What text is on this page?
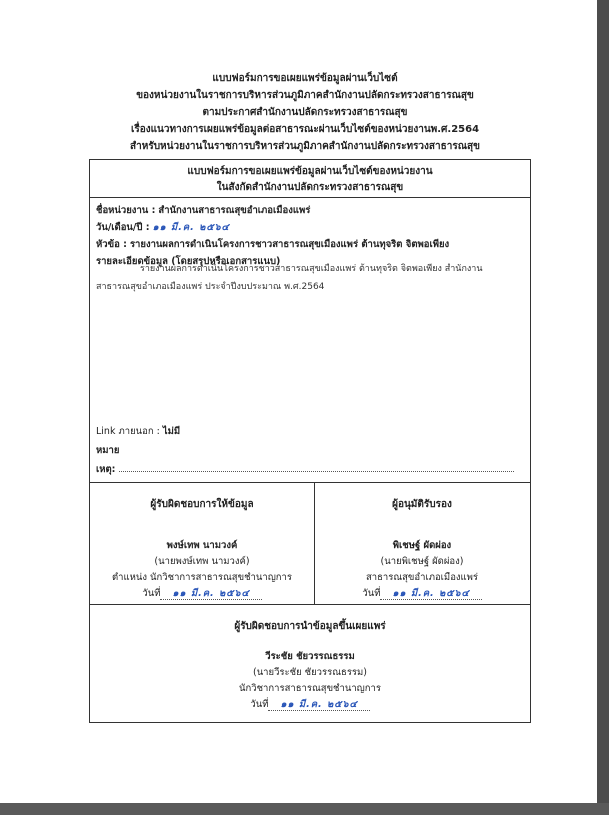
แบบฟอร์มการขอเผยแพร่ข้อมูลผ่านเว็บไซต์
ของหน่วยงานในราชการบริหารส่วนภูมิภาคสำนักงานปลัดกระทรวงสาธารณสุข
ตามประกาศสำนักงานปลัดกระทรวงสาธารณสุข
เรื่องแนวทางการเผยแพร่ข้อมูลต่อสาธารณะผ่านเว็บไซต์ของหน่วยงานพ.ศ.2564
สำหรับหน่วยงานในราชการบริหารส่วนภูมิภาคสำนักงานปลัดกระทรวงสาธารณสุข
แบบฟอร์มการขอเผยแพร่ข้อมูลผ่านเว็บไซต์ของหน่วยงาน
ในสังกัดสำนักงานปลัดกระทรวงสาธารณสุข
ชื่อหน่วยงาน : สำนักงานสาธารณสุขอำเภอเมืองแพร่
วัน/เดือน/ปี : ๑๑ มี.ค. ๒๕๖๔
หัวข้อ : รายงานผลการดำเนินโครงการชาวสาธารณสุขเมืองแพร่ ต้านทุจริต จิตพอเพียง
รายละเอียดข้อมูล (โดยสรุปหรือเอกสารแนบ)
รายงานผลการดำเนินโครงการชาวสาธารณสุขเมืองแพร่ ต้านทุจริต จิตพอเพียง สำนักงาน
สาธารณสุขอำเภอเมืองแพร่ ประจำปีงบประมาณ พ.ศ.2564
Link ภายนอก : ไม่มี
หมาย
เหตุ:
ผู้รับผิดชอบการให้ข้อมูล
พงษ์เทพ นามวงค์
(นายพงษ์เทพ นามวงค์)
ตำแหน่ง นักวิชาการสาธารณสุขชำนาญการ
วันที่ ๑๑ มี.ค. ๒๕๖๔
ผู้อนุมัติรับรอง
พิเชษฐ์ ผัดผ่อง
(นายพิเชษฐ์ ผัดผ่อง)
สาธารณสุขอำเภอเมืองแพร่
วันที่ ๑๑ มี.ค. ๒๕๖๔
ผู้รับผิดชอบการนำข้อมูลขึ้นเผยแพร่
วีระชัย ชัยวรรณธรรม
(นายวีระชัย ชัยวรรณธรรม)
นักวิชาการสาธารณสุขชำนาญการ
วันที่ ๑๑ มี.ค. ๒๕๖๔
